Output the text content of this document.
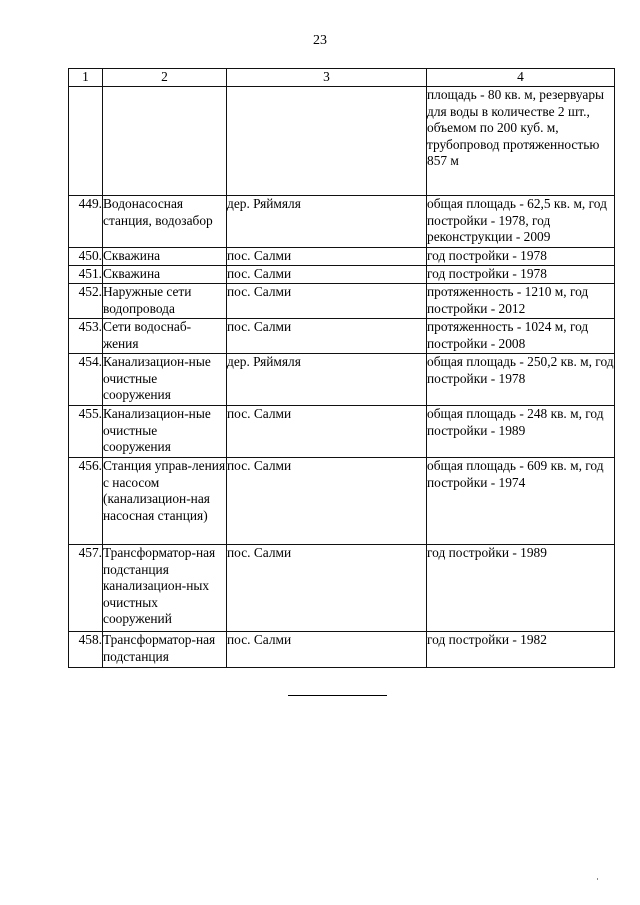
23
1	2	3	4
			площадь - 80 кв. м, резервуары для воды в количестве 2 шт., объемом по 200 куб. м, трубопровод протяженностью 857 м
449.	Водонасосная станция, водозабор	дер. Ряймяля	общая площадь - 62,5 кв. м, год постройки - 1978, год реконструкции - 2009
450.	Скважина	пос. Салми	год постройки - 1978
451.	Скважина	пос. Салми	год постройки - 1978
452.	Наружные сети водопровода	пос. Салми	протяженность - 1210 м, год постройки - 2012
453.	Сети водоснаб-жения	пос. Салми	протяженность - 1024 м, год постройки - 2008
454.	Канализацион-ные очистные сооружения	дер. Ряймяля	общая площадь - 250,2 кв. м, год постройки - 1978
455.	Канализацион-ные очистные сооружения	пос. Салми	общая площадь - 248 кв. м, год постройки - 1989
456.	Станция управ-ления с насосом (канализацион-ная насосная станция)	пос. Салми	общая площадь - 609 кв. м, год постройки - 1974
457.	Трансформатор-ная подстанция канализацион-ных очистных сооружений	пос. Салми	год постройки - 1989
458.	Трансформатор-ная подстанция	пос. Салми	год постройки - 1982
